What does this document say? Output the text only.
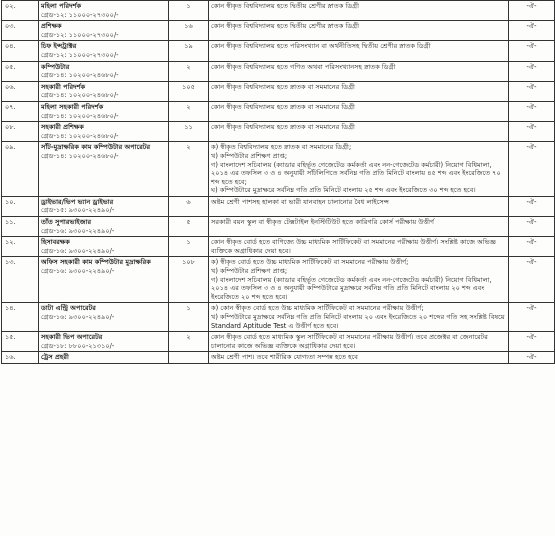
০২.	মহিলা পরিদর্শক
গ্রেড-১২: ১১০০০-২৭৩০০/-	১	কোন স্বীকৃত বিশ্ববিদ্যালয় হতে দ্বিতীয় শ্রেণীর স্নাতক ডিগ্রী	-ঐ-
০৩.	প্রশিক্ষক
গ্রেড-১২: ১১০০০-২৭৩০০/-	১৬	কোন স্বীকৃত বিশ্ববিদ্যালয় হতে দ্বিতীয় শ্রেণীর স্নাতক ডিগ্রী	-ঐ-
০৪.	চিফ ইন্সট্রাক্টর
গ্রেড-১২: ১১০০০-২৭৩০০/-	১৯	কোন স্বীকৃত বিশ্ববিদ্যালয় হতে পরিসংখ্যান বা অর্থনীতিসহ দ্বিতীয় শ্রেণীর স্নাতক ডিগ্রী	-ঐ-
০৫.	কম্পিউটার
গ্রেড-১৪: ১০২০০-২৪৬৮০/-	২	কোন স্বীকৃত বিশ্ববিদ্যালয় হতে গণিত অথবা পরিসংখ্যানসহ স্নাতক ডিগ্রী	-ঐ-
০৬.	সহকারী পরিদর্শক
গ্রেড-১৪: ১০২০০-২৪৬৮০/-	১০৫	কোন স্বীকৃত বিশ্ববিদ্যালয় হতে স্নাতক বা সমমানের ডিগ্রী	-ঐ-
০৭.	মহিলা সহকারী পরিদর্শক
গ্রেড-১৪: ১০২০০-২৪৬৮০/-	২	কোন স্বীকৃত বিশ্ববিদ্যালয় হতে স্নাতক বা সমমানের ডিগ্রী	-ঐ-
০৮.	সহকারী প্রশিক্ষক
গ্রেড-১৪: ১০২০০-২৪৬৮০/-	১১	কোন স্বীকৃত বিশ্ববিদ্যালয় হতে স্নাতক বা সমমানের ডিগ্রী	-ঐ-
০৯.	সাঁট-মুদ্রাক্ষরিক কাম কম্পিউটার অপারেটর
গ্রেড-১৪: ১০২০০-২৪৬৮০/-	২	ক) স্বীকৃত বিশ্ববিদ্যালয় হতে স্নাতক বা সমমানের ডিগ্রী;
খ) কম্পিউটার প্রশিক্ষণ প্রাপ্ত;
গ) বাংলাদেশ সচিবালয় (ক্যাডার বহির্ভূত গেজেটেড কর্মকর্তা এবং নন-গেজেটেড কর্মচারী) নিয়োগ বিধিমালা, ২০১৪ এর তফসিল ৩ ও ৪ অনুযায়ী সাঁটলিপিতে সর্বনিম্ন গতি প্রতি মিনিটে বাংলায় ৪৫ শব্দ এবং ইংরেজিতে ৭০ শব্দ হতে হবে;
ঘ) কম্পিউটারে মুদ্রাক্ষরে সর্বনিম্ন গতি প্রতি মিনিটে বাংলায় ২৫ শব্দ এবং ইংরেজিতে ৩০ শব্দ হতে হবে।	-ঐ-
১০.	ড্রাইভার/ভিপ ভ্যান ড্রাইভার
গ্রেড-১৫: ৯৩০০-২২৪৯০/-	৬	অষ্টম শ্রেণী পাশসহ হালকা বা ভারী যানবাহন চালানোর বৈধ লাইসেন্স	-ঐ-
১১.	তাঁত সুপারভাইজার
গ্রেড-১৬: ৯৩০০-২২৪৯০/-	৫	সরকারী বয়ন স্কুল বা স্বীকৃত টেক্সটাইল ইনস্টিটিউট হতে কারিগরি কোর্স পরীক্ষায় উত্তীর্ণ	-ঐ-
১২.	হিসাবরক্ষক
গ্রেড-১৬: ৯৩০০-২২৪৯০/-	১	কোন স্বীকৃত বোর্ড হতে বাণিজ্যে উচ্চ মাধ্যমিক সার্টিফিকেট বা সমমানের পরীক্ষায় উত্তীর্ণ। সংশ্লিষ্ট কাজে অভিজ্ঞ ব্যক্তিকে অগ্রাধিকার দেয়া হবে।	-ঐ-
১৩.	অফিস সহকারী কাম কম্পিউটার মুদ্রাক্ষরিক
গ্রেড-১৬: ৯৩০০-২২৪৯০/-	১০৮	ক) স্বীকৃত বোর্ড হতে উচ্চ মাধ্যমিক সার্টিফিকেট বা সমমানের পরীক্ষায় উত্তীর্ণ;
খ) কম্পিউটার প্রশিক্ষণ প্রাপ্ত;
গ) বাংলাদেশ সচিবালয় (ক্যাডার বহির্ভূত গেজেটেড কর্মকর্তা এবং নন-গেজেটেড কর্মচারী) নিয়োগ বিধিমালা, ২০১৪ এর তফসিল ৩ ও ৪ অনুযায়ী কম্পিউটারে মুদ্রাক্ষরে সর্বনিম্ন গতি প্রতি মিনিটে বাংলায় ২০ শব্দ এবং ইংরেজিতে ২০ শব্দ হতে হবে।	-ঐ-
১৪.	ডাটা এন্ট্রি অপারেটর
গ্রেড-১৬: ৯৩০০-২২৪৯০/-	১	ক) কোন স্বীকৃত বোর্ড হতে উচ্চ মাধ্যমিক সার্টিফিকেট বা সমমানের পরীক্ষায় উত্তীর্ণ;
খ) কম্পিউটারে মুদ্রাক্ষরে সর্বনিম্ন গতি প্রতি মিনিটে বাংলায় ২০ এবং ইংরেজিতে ২০ শব্দের গতি সহ সংশ্লিষ্ট বিষয়ে Standard Aptitude Test এ উত্তীর্ণ হতে হবে।	-ঐ-
১৫.	সহকারী ভিপ অপারেটর
গ্রেড-১৮: ৮৮০০-২১৩১০/-	২	কোন স্বীকৃত বোর্ড হতে মাধ্যমিক স্কুল সার্টিফিকেট বা সমমানের পরীক্ষায় উত্তীর্ণ। তবে প্রজেক্টর বা জেনারেটর চালানোর কাজে অভিজ্ঞ ব্যক্তিকে অগ্রাধিকার দেয়া হবে।	-ঐ-
১৬.	ট্রেস প্রহরী		অষ্টম শ্রেণী পাশ। তবে শারীরিক যোগ্যতা সম্পন্ন হতে হবে	-ঐ-
